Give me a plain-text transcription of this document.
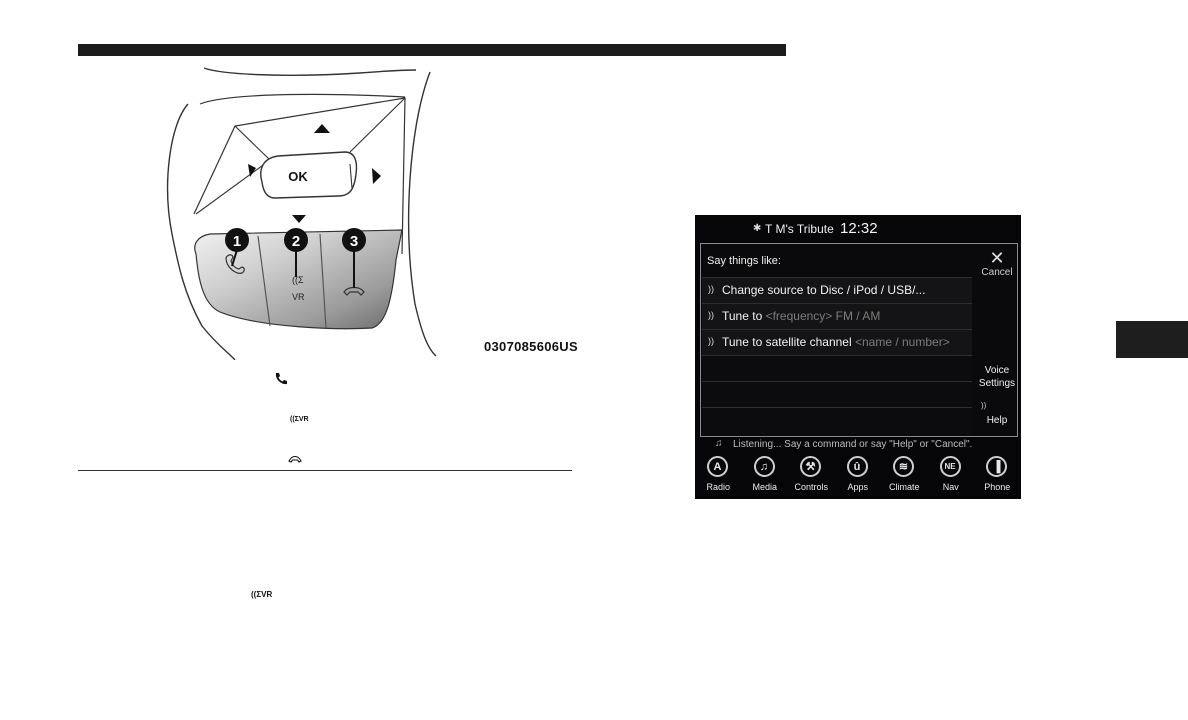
OK
((Σ
VR
1	2	3
0307085606US
((ΣVR
((ΣVR
✱ T M's Tribute 12:32
Say things like:
)) Change source to Disc / iPod / USB/...
)) Tune to <frequency> FM / AM
)) Tune to satellite channel <name / number>
✕
Cancel
Voice Settings
))
Help
♫ Listening... Say a command or say "Help" or "Cancel".
A
Radio
♫
Media
⚒
Controls
û
Apps
≋
Climate
NE
Nav
▐
Phone
